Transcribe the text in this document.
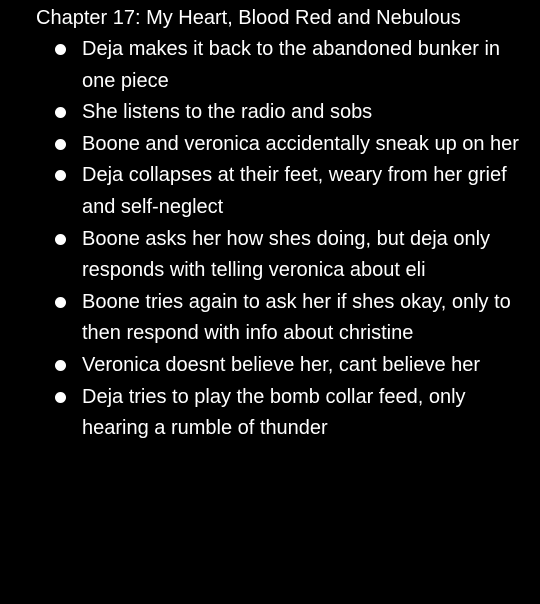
Chapter 17: My Heart, Blood Red and Nebulous
Deja makes it back to the abandoned bunker in one piece
She listens to the radio and sobs
Boone and veronica accidentally sneak up on her
Deja collapses at their feet, weary from her grief and self-neglect
Boone asks her how shes doing, but deja only responds with telling veronica about eli
Boone tries again to ask her if shes okay, only to then respond with info about christine
Veronica doesnt believe her, cant believe her
Deja tries to play the bomb collar feed, only hearing a rumble of thunder
